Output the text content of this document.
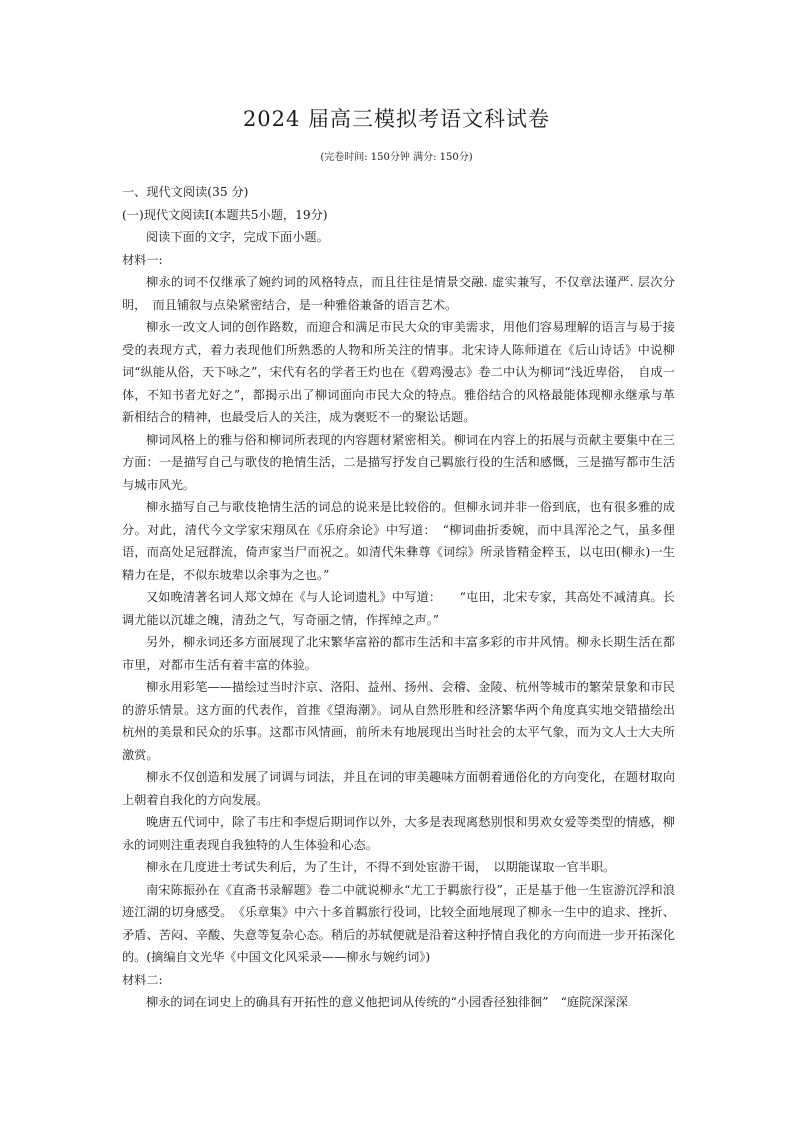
2024 届高三模拟考语文科试卷

(完卷时间: 150分钟 满分: 150分)

一、现代文阅读(35 分)

(一)现代文阅读Ⅰ(本题共5小题，19分)

阅读下面的文字，完成下面小题。

材料一:

柳永的词不仅继承了婉约词的风格特点，而且往往是情景交融. 虚实兼写，不仅章法谨严. 层次分明，　而且铺叙与点染紧密结合，是一种雅俗兼备的语言艺术。

柳永一改文人词的创作路数，而迎合和满足市民大众的审美需求，用他们容易理解的语言与易于接受的表现方式，着力表现他们所熟悉的人物和所关注的情事。北宋诗人陈师道在《后山诗话》中说柳词“纵能从俗，天下咏之”，宋代有名的学者王灼也在《碧鸡漫志》卷二中认为柳词“浅近卑俗，　自成一体，不知书者尤好之”，都揭示出了柳词面向市民大众的特点。雅俗结合的风格最能体现柳永继承与革新相结合的精神，也最受后人的关注，成为褒贬不一的聚讼话题。

柳词风格上的雅与俗和柳词所表现的内容题材紧密相关。柳词在内容上的拓展与贡献主要集中在三方面：一是描写自己与歌伎的艳情生活，二是描写抒发自己羁旅行役的生活和感慨，三是描写都市生活与城市风光。

柳永描写自己与歌伎艳情生活的词总的说来是比较俗的。但柳永词并非一俗到底，也有很多雅的成分。对此，清代今文学家宋翔凤在《乐府余论》中写道：　“柳词曲折委婉，而中具浑沦之气，虽多俚语，而高处足冠群流，倚声家当尸而祝之。如清代朱彝尊《词综》所录皆精金粹玉，以屯田(柳永)一生精力在是，不似东坡辈以余事为之也。”

又如晚清著名词人郑文焯在《与人论词遗札》中写道：　　“屯田，北宋专家，其高处不减清真。长调尤能以沉雄之魄，清劲之气，写奇丽之情，作挥绰之声。”

另外，柳永词还多方面展现了北宋繁华富裕的都市生活和丰富多彩的市井风情。柳永长期生活在都市里，对都市生活有着丰富的体验。

柳永用彩笔——描绘过当时汴京、洛阳、益州、扬州、会稽、金陵、杭州等城市的繁荣景象和市民的游乐情景。这方面的代表作，首推《望海潮》。词从自然形胜和经济繁华两个角度真实地交错描绘出杭州的美景和民众的乐事。这都市风情画，前所未有地展现出当时社会的太平气象，而为文人士大夫所激赏。

柳永不仅创造和发展了词调与词法，并且在词的审美趣味方面朝着通俗化的方向变化，在题材取向上朝着自我化的方向发展。

晚唐五代词中，除了韦庄和李煜后期词作以外，大多是表现离愁别恨和男欢女爱等类型的情感，柳永的词则注重表现自我独特的人生体验和心态。

柳永在几度进士考试失利后，为了生计，不得不到处宦游干谒，　以期能谋取一官半职。

南宋陈振孙在《直斋书录解题》卷二中就说柳永“尤工于羁旅行役”，正是基于他一生宦游沉浮和浪迹江湖的切身感受。　《乐章集》中六十多首羁旅行役词，比较全面地展现了柳永一生中的追求、挫折、矛盾、苦闷、辛酸、失意等复杂心态。稍后的苏轼便就是沿着这种抒情自我化的方向而进一步开拓深化的。(摘编自文光华《中国文化风采录——柳永与婉约词》)

材料二:

柳永的词在词史上的确具有开拓性的意义他把词从传统的“小园香径独徘徊”　“庭院深深深
